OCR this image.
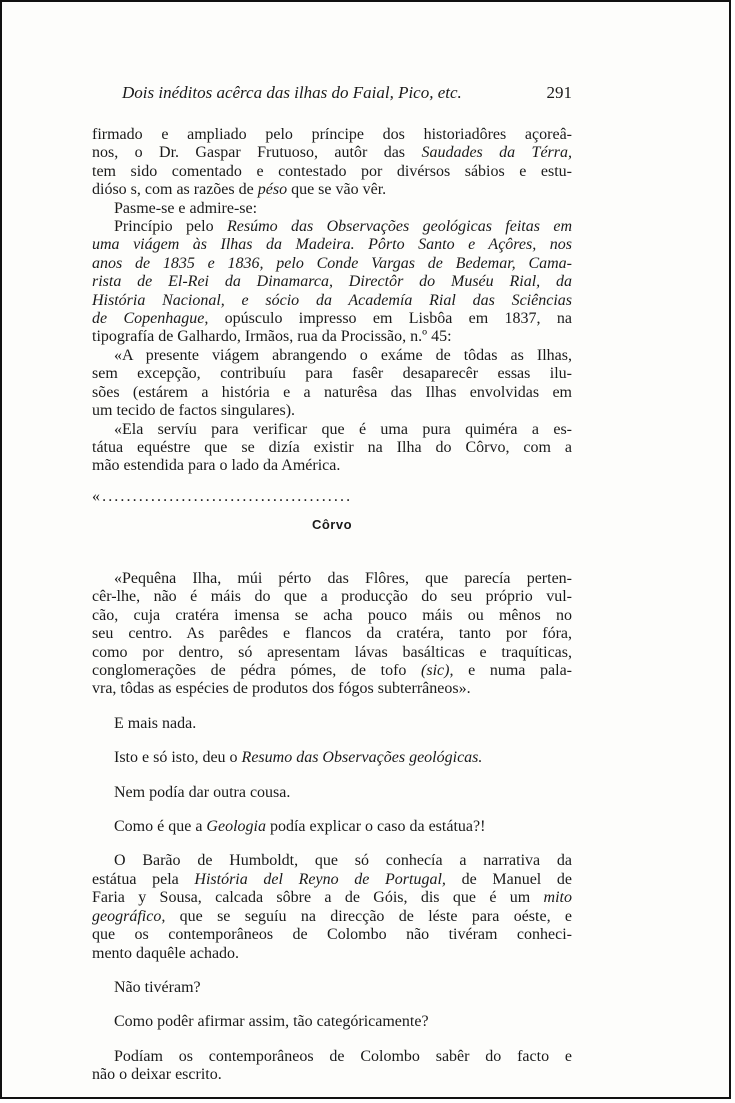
Dois inéditos acêrca das ilhas do Faial, Pico, etc.	291

firmado e ampliado pelo príncipe dos historiadôres açoreâ-
nos, o Dr. Gaspar Frutuoso, autôr das Saudades da Térra,
tem sido comentado e contestado por divérsos sábios e estu-
dióso s, com as razões de péso que se vão vêr.

Pasme-se e admire-se:

Princípio pelo Resúmo das Observações geológicas feitas em
uma viágem às Ilhas da Madeira. Pôrto Santo e Açôres, nos
anos de 1835 e 1836, pelo Conde Vargas de Bedemar, Cama-
rista de El-Rei da Dinamarca, Directôr do Muséu Rial, da
História Nacional, e sócio da Academía Rial das Sciências
de Copenhague, opúsculo impresso em Lisbôa em 1837, na
tipografía de Galhardo, Irmãos, rua da Procissão, n.º 45:

«A presente viágem abrangendo o exáme de tôdas as Ilhas,
sem excepção, contribuíu para fasêr desaparecêr essas ilu-
sões (estárem a história e a naturêsa das Ilhas envolvidas em
um tecido de factos singulares).

«Ela servíu para verificar que é uma pura quiméra a es-
tátua equéstre que se dizía existir na Ilha do Côrvo, com a
mão estendida para o lado da América.

«.........................................
Côrvo

«Pequêna Ilha, múi pérto das Flôres, que parecía perten-
cêr-lhe, não é máis do que a producção do seu próprio vul-
cão, cuja cratéra imensa se acha pouco máis ou mênos no
seu centro. As parêdes e flancos da cratéra, tanto por fóra,
como por dentro, só apresentam lávas basálticas e traquíticas,
conglomerações de pédra pómes, de tofo (sic), e numa pala-
vra, tôdas as espécies de produtos dos fógos subterrâneos».

E mais nada.

Isto e só isto, deu o Resumo das Observações geológicas.

Nem podía dar outra cousa.

Como é que a Geologia podía explicar o caso da estátua?!

O Barão de Humboldt, que só conhecía a narrativa da
estátua pela História del Reyno de Portugal, de Manuel de
Faria y Sousa, calcada sôbre a de Góis, dis que é um mito
geográfico, que se seguíu na direcção de léste para oéste, e
que os contemporâneos de Colombo não tivéram conheci-
mento daquêle achado.

Não tivéram?

Como podêr afirmar assim, tão categóricamente?

Podíam os contemporâneos de Colombo sabêr do facto e
não o deixar escrito.
